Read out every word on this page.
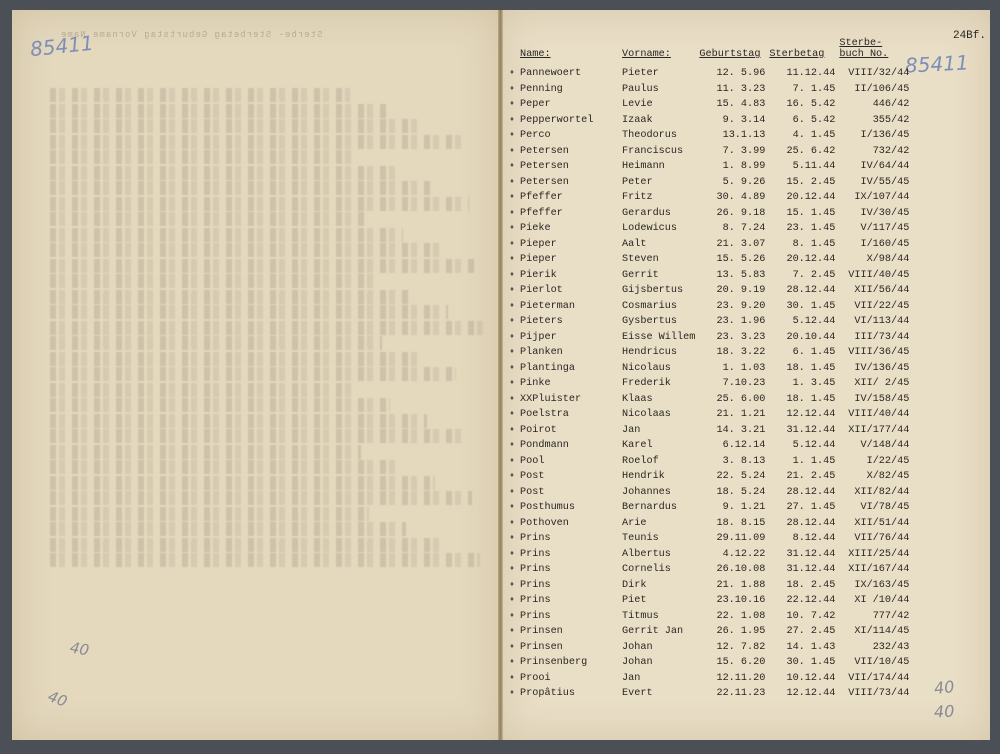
Sterbe- Sterbetag Geburtstag Vorname Name
85411
85411
40
40	40
40
24Bf.
	Name:	Vorname:	Geburtstag	Sterbetag	Sterbe-
buch No.
♦	Pannewoert	Pieter	12. 5.96	11.12.44	VIII/32/44
♦	Penning	Paulus	11. 3.23	7. 1.45	II/106/45
♦	Peper	Levie	15. 4.83	16. 5.42	446/42
♦	Pepperwortel	Izaak	9. 3.14	6. 5.42	355/42
♦	Perco	Theodorus	13.1.13	4. 1.45	I/136/45
♦	Petersen	Franciscus	7. 3.99	25. 6.42	732/42
♦	Petersen	Heimann	1. 8.99	5.11.44	IV/64/44
♦	Petersen	Peter	5. 9.26	15. 2.45	IV/55/45
♦	Pfeffer	Fritz	30. 4.89	20.12.44	IX/107/44
♦	Pfeffer	Gerardus	26. 9.18	15. 1.45	IV/30/45
♦	Pieke	Lodewicus	8. 7.24	23. 1.45	V/117/45
♦	Pieper	Aalt	21. 3.07	8. 1.45	I/160/45
♦	Pieper	Steven	15. 5.26	20.12.44	X/98/44
♦	Pierik	Gerrit	13. 5.83	7. 2.45	VIII/40/45
♦	Pierlot	Gijsbertus	20. 9.19	28.12.44	XII/56/44
♦	Pieterman	Cosmarius	23. 9.20	30. 1.45	VII/22/45
♦	Pieters	Gysbertus	23. 1.96	5.12.44	VI/113/44
♦	Pijper	Eisse Willem	23. 3.23	20.10.44	III/73/44
♦	Planken	Hendricus	18. 3.22	6. 1.45	VIII/36/45
♦	Plantinga	Nicolaus	1. 1.03	18. 1.45	IV/136/45
♦	Pinke	Frederik	7.10.23	1. 3.45	XII/ 2/45
♦	XXPluister	Klaas	25. 6.00	18. 1.45	IV/158/45
♦	Poelstra	Nicolaas	21. 1.21	12.12.44	VIII/40/44
♦	Poirot	Jan	14. 3.21	31.12.44	XII/177/44
♦	Pondmann	Karel	6.12.14	5.12.44	V/148/44
♦	Pool	Roelof	3. 8.13	1. 1.45	I/22/45
♦	Post	Hendrik	22. 5.24	21. 2.45	X/82/45
♦	Post	Johannes	18. 5.24	28.12.44	XII/82/44
♦	Posthumus	Bernardus	9. 1.21	27. 1.45	VI/78/45
♦	Pothoven	Arie	18. 8.15	28.12.44	XII/51/44
♦	Prins	Teunis	29.11.09	8.12.44	VII/76/44
♦	Prins	Albertus	4.12.22	31.12.44	XIII/25/44
♦	Prins	Cornelis	26.10.08	31.12.44	XII/167/44
♦	Prins	Dirk	21. 1.88	18. 2.45	IX/163/45
♦	Prins	Piet	23.10.16	22.12.44	XI /10/44
♦	Prins	Titmus	22. 1.08	10. 7.42	777/42
♦	Prinsen	Gerrit Jan	26. 1.95	27. 2.45	XI/114/45
♦	Prinsen	Johan	12. 7.82	14. 1.43	232/43
♦	Prinsenberg	Johan	15. 6.20	30. 1.45	VII/10/45
♦	Prooi	Jan	12.11.20	10.12.44	VII/174/44
♦	Propâtius	Evert	22.11.23	12.12.44	VIII/73/44
